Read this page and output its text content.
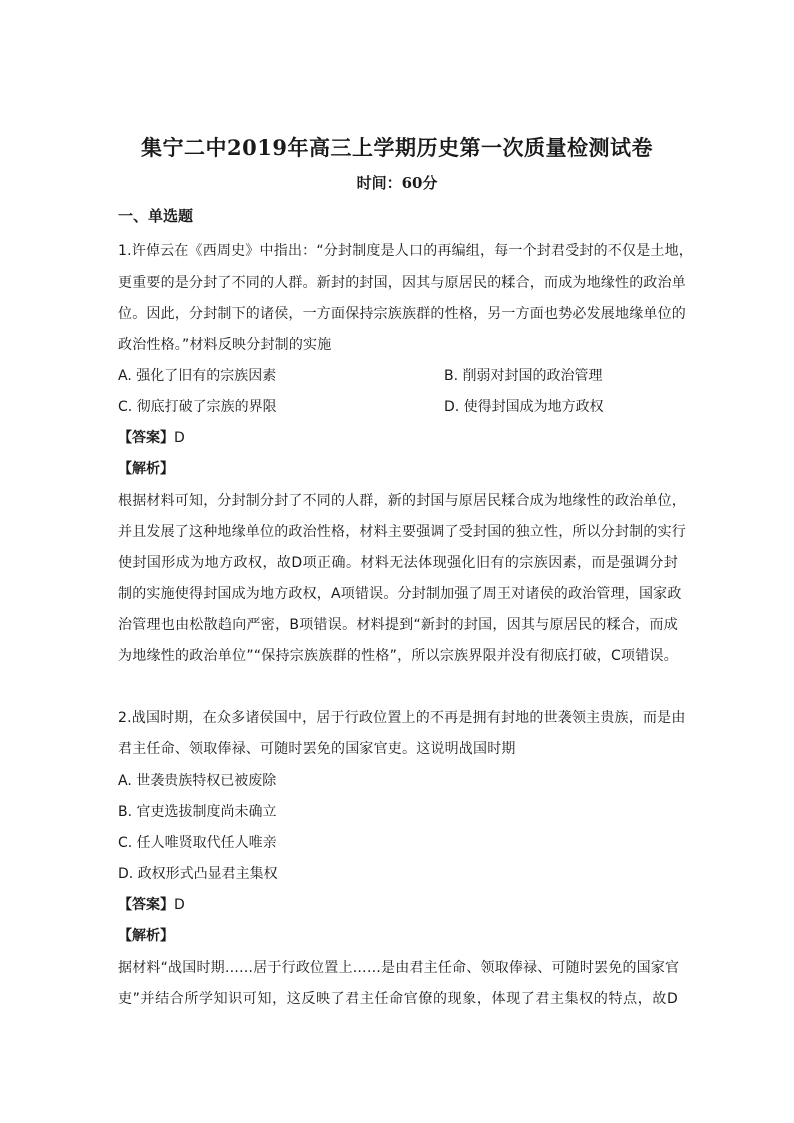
集宁二中2019年高三上学期历史第一次质量检测试卷
时间：60分
一、单选题
1.许倬云在《西周史》中指出：“分封制度是人口的再编组，每一个封君受封的不仅是土地，
更重要的是分封了不同的人群。新封的封国，因其与原居民的糅合，而成为地缘性的政治单
位。因此，分封制下的诸侯，一方面保持宗族族群的性格，另一方面也势必发展地缘单位的
政治性格。”材料反映分封制的实施
A. 强化了旧有的宗族因素	B. 削弱对封国的政治管理
C. 彻底打破了宗族的界限	D. 使得封国成为地方政权
【答案】D
【解析】
根据材料可知，分封制分封了不同的人群，新的封国与原居民糅合成为地缘性的政治单位，
并且发展了这种地缘单位的政治性格，材料主要强调了受封国的独立性，所以分封制的实行
使封国形成为地方政权，故D项正确。材料无法体现强化旧有的宗族因素，而是强调分封
制的实施使得封国成为地方政权，A项错误。分封制加强了周王对诸侯的政治管理，国家政
治管理也由松散趋向严密，B项错误。材料提到“新封的封国，因其与原居民的糅合，而成
为地缘性的政治单位”“保持宗族族群的性格”，所以宗族界限并没有彻底打破，C项错误。
2.战国时期，在众多诸侯国中，居于行政位置上的不再是拥有封地的世袭领主贵族，而是由
君主任命、领取俸禄、可随时罢免的国家官吏。这说明战国时期
A. 世袭贵族特权已被废除
B. 官吏选拔制度尚未确立
C. 任人唯贤取代任人唯亲
D. 政权形式凸显君主集权
【答案】D
【解析】
据材料“战国时期……居于行政位置上……是由君主任命、领取俸禄、可随时罢免的国家官
吏”并结合所学知识可知，这反映了君主任命官僚的现象，体现了君主集权的特点，故D
